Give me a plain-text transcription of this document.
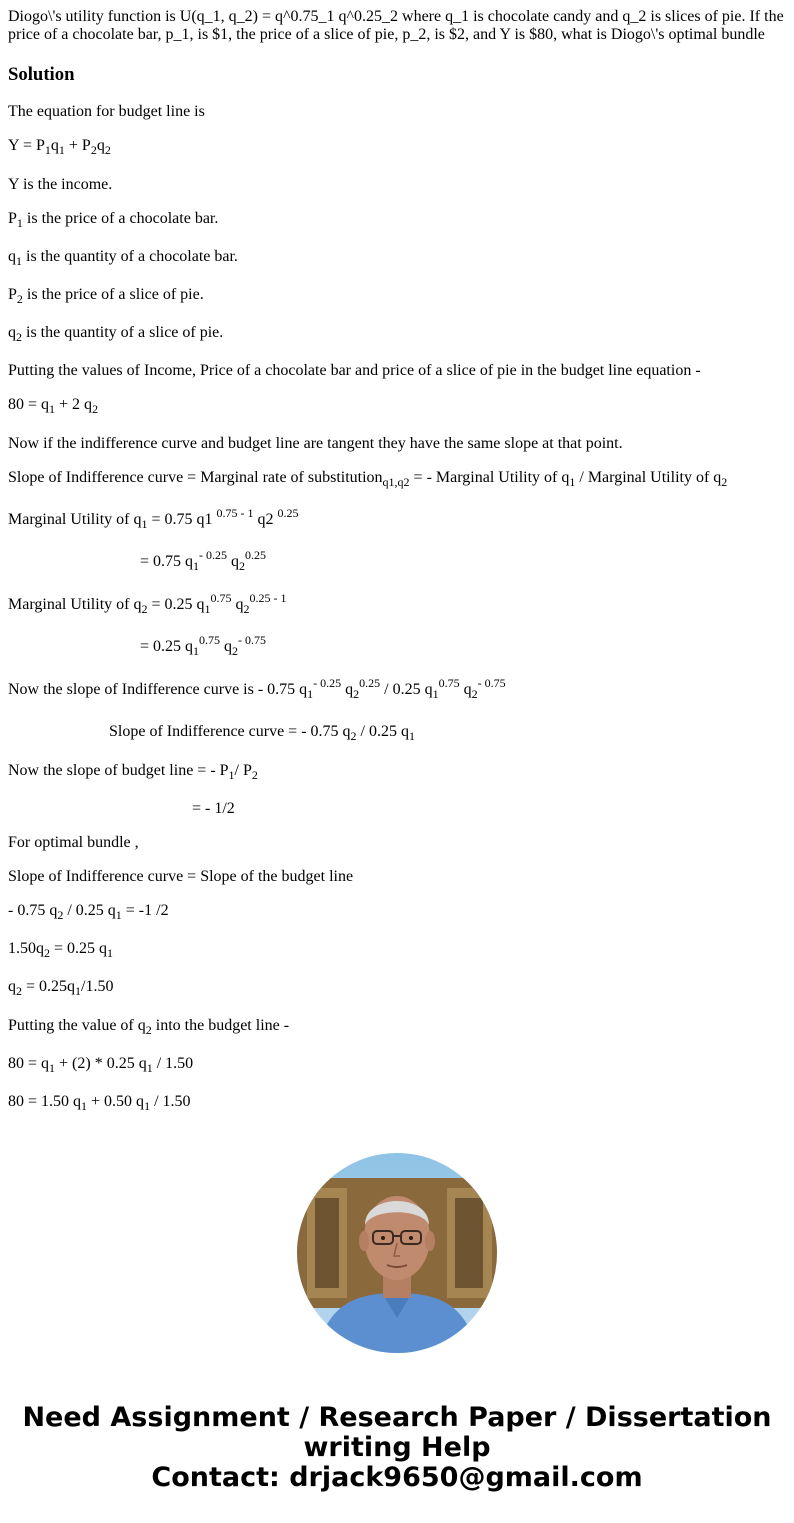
Diogo\'s utility function is U(q_1, q_2) = q^0.75_1 q^0.25_2 where q_1 is chocolate candy and q_2 is slices of pie. If the price of a chocolate bar, p_1, is $1, the price of a slice of pie, p_2, is $2, and Y is $80, what is Diogo\'s optimal bundle
Solution

The equation for budget line is

$Y = P_1q_1 + P_2q_2$

Y is the income.

$P_1$ is the price of a chocolate bar.

$q_1$ is the quantity of a chocolate bar.

$P_2$ is the price of a slice of pie.

$q_2$ is the quantity of a slice of pie.

Putting the values of Income, Price of a chocolate bar and price of a slice of pie in the budget line equation -

$80 = q_1 + 2$ $q_2$

Now if the indifference curve and budget line are tangent they have the same slope at that point.

Slope of Indifference curve = Marginal rate of substitution$_{q1,q2}$ = - Marginal Utility of $q_1$ / Marginal Utility of $q_2$

Marginal Utility of $q_1 = 0.75$ q1 $^{0.75 - 1}$ q2 $^{0.25}$

= 0.75 $q_1^{- 0.25}$ $q_2^{0.25}$

Marginal Utility of $q_2 = 0.25$ $q_1^{0.75}$ $q_2^{0.25 - 1}$

= 0.25 $q_1^{0.75}$ $q_2^{- 0.75}$

Now the slope of Indifference curve is - 0.75 $q_1^{- 0.25}$ $q_2^{0.25} / 0.25$ $q_1^{0.75}$ $q_2^{- 0.75}$

Slope of Indifference curve = - 0.75 $q_2 / 0.25$ $q_1$

Now the slope of budget line = - $P_1/$ $P_2$

= - 1/2

For optimal bundle ,

Slope of Indifference curve = Slope of the budget line

- 0.75 $q_2 / 0.25$ $q_1 = -1$ /2

$1.50q_2 = 0.25$ $q_1$

$q_2 = 0.25q_1/1.50$

Putting the value of $q_2$ into the budget line -

$80 = q_1 + (2) * 0.25$ $q_1 / 1.50$

80 = 1.50 $q_1 + 0.50$ $q_1 / 1.50$

Need Assignment / Research Paper / Dissertation
writing Help
Contact: drjack9650@gmail.com
